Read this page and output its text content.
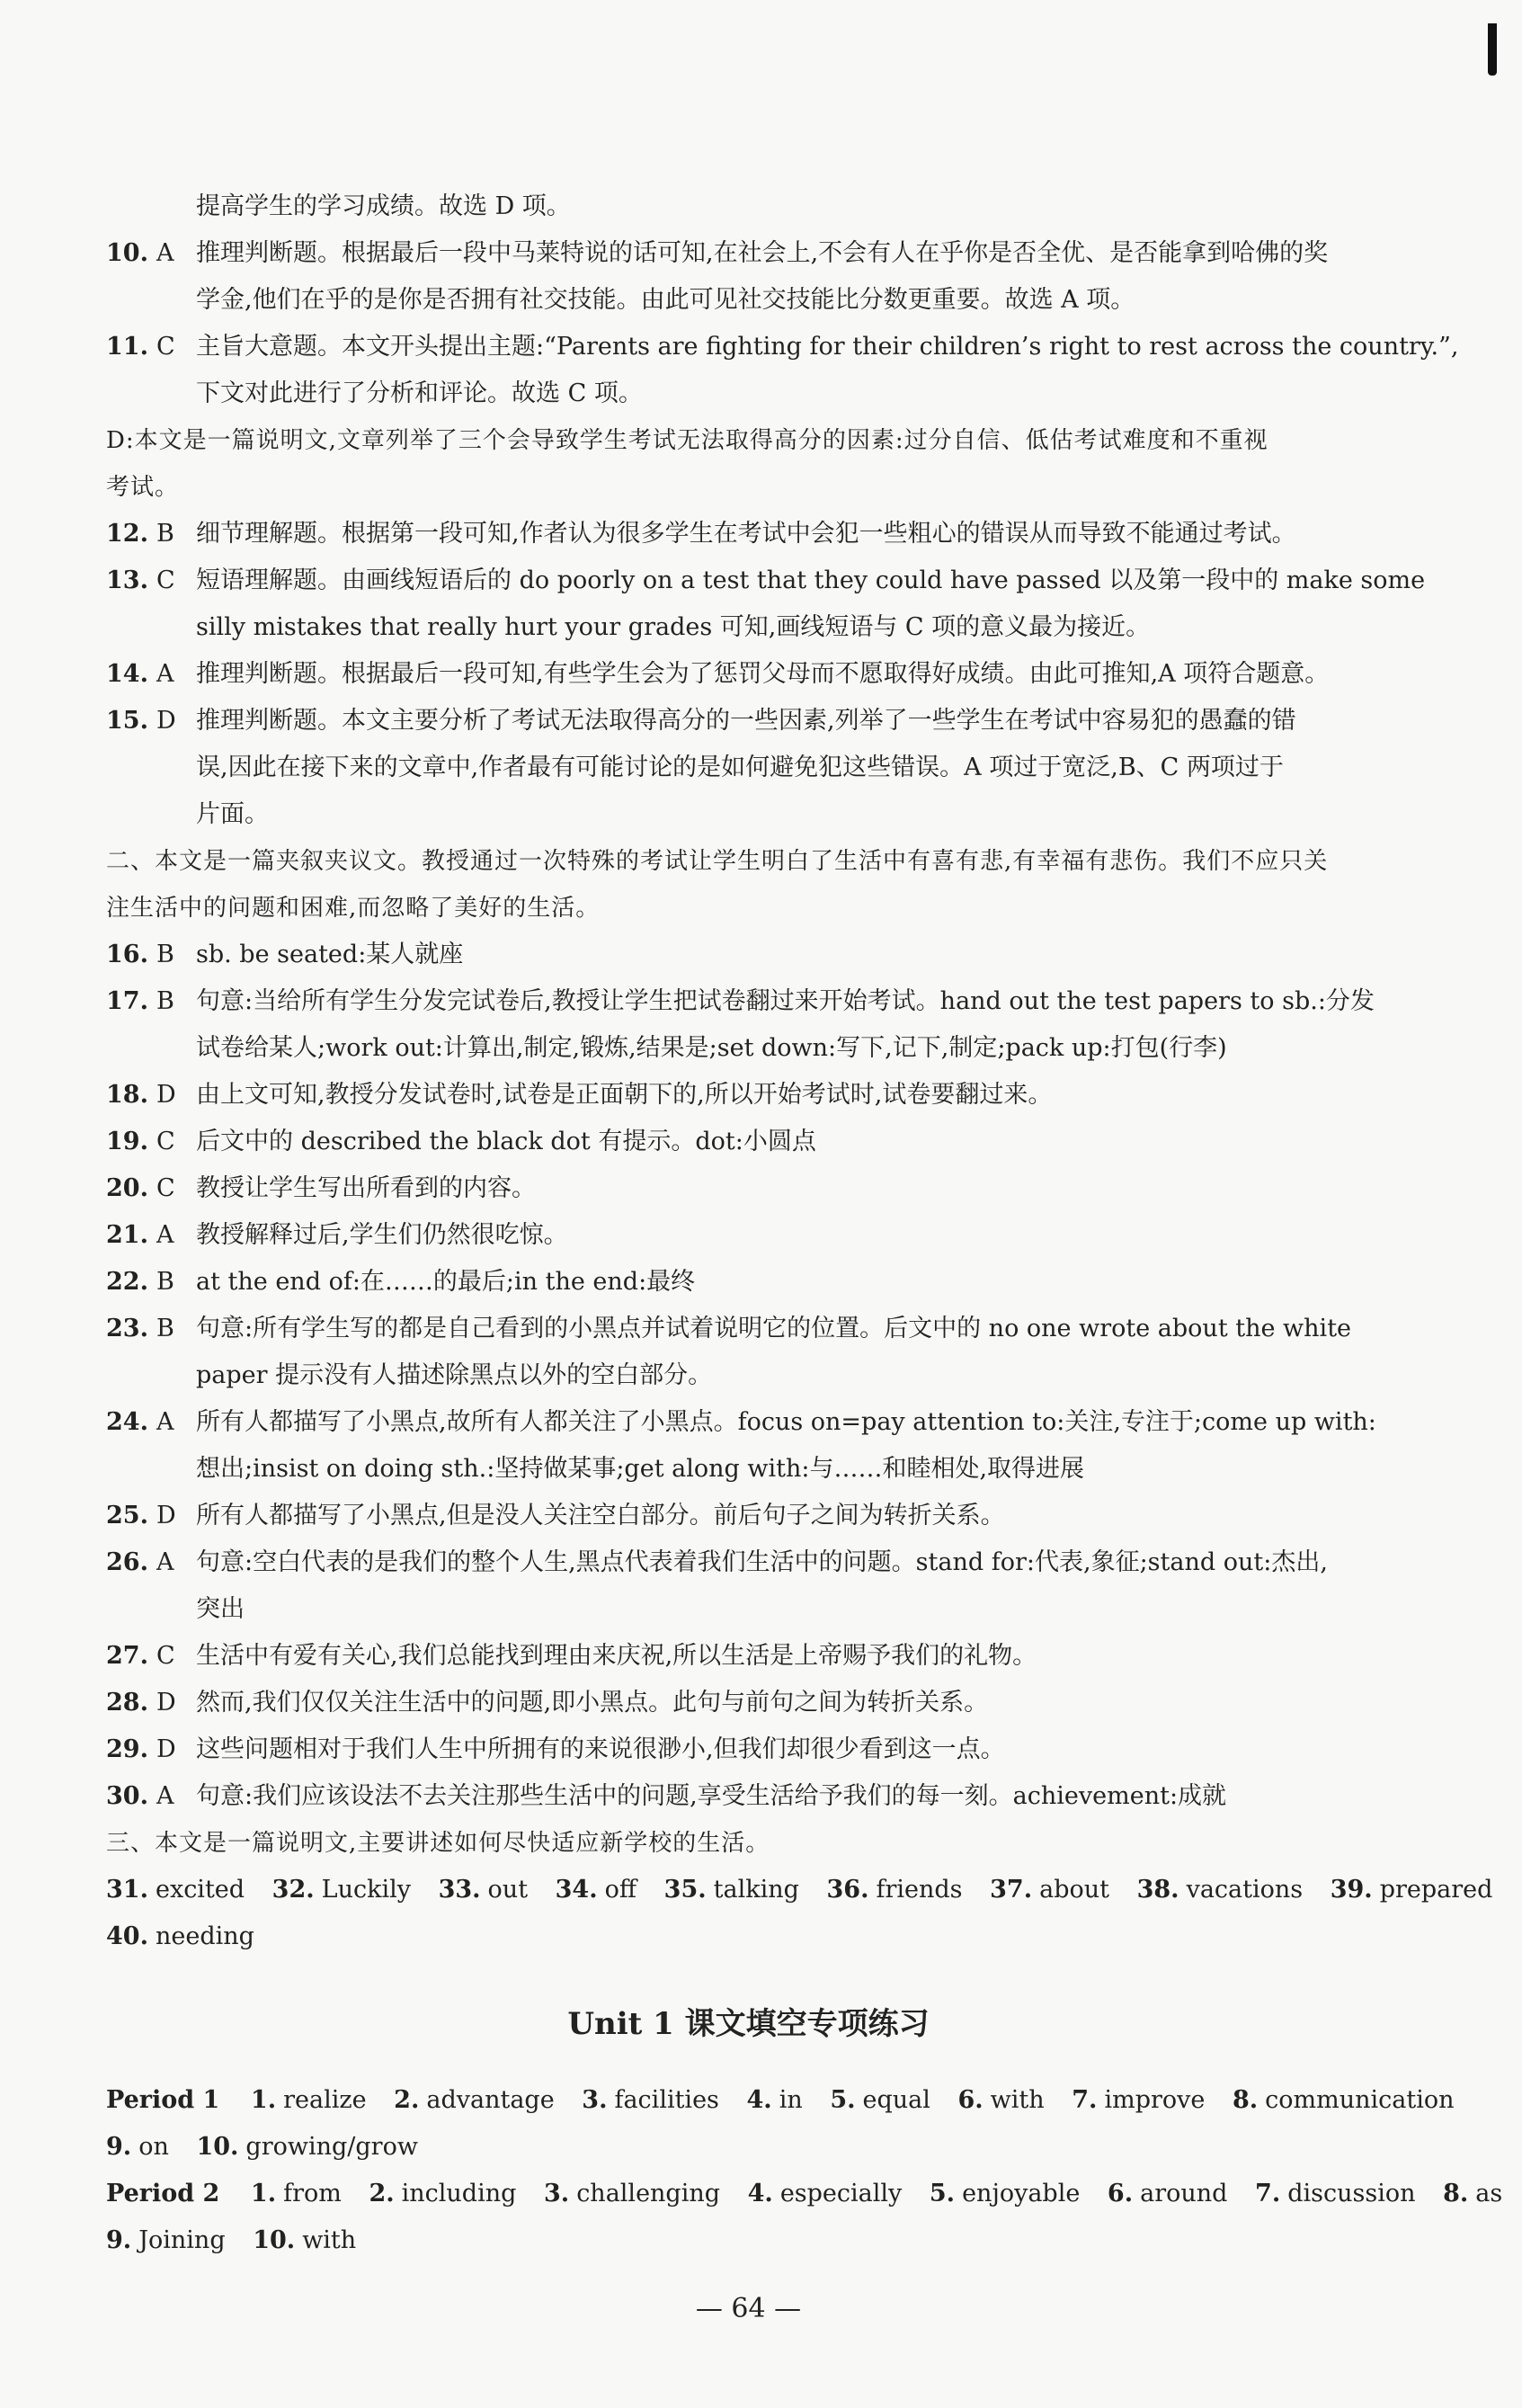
提高学生的学习成绩。故选 D 项。
10. A 推理判断题。根据最后一段中马莱特说的话可知,在社会上,不会有人在乎你是否全优、是否能拿到哈佛的奖
学金,他们在乎的是你是否拥有社交技能。由此可见社交技能比分数更重要。故选 A 项。
11. C 主旨大意题。本文开头提出主题:“Parents are fighting for their children’s right to rest across the country.”,
下文对此进行了分析和评论。故选 C 项。
D:本文是一篇说明文,文章列举了三个会导致学生考试无法取得高分的因素:过分自信、低估考试难度和不重视
考试。
12. B 细节理解题。根据第一段可知,作者认为很多学生在考试中会犯一些粗心的错误从而导致不能通过考试。
13. C 短语理解题。由画线短语后的 do poorly on a test that they could have passed 以及第一段中的 make some
silly mistakes that really hurt your grades 可知,画线短语与 C 项的意义最为接近。
14. A 推理判断题。根据最后一段可知,有些学生会为了惩罚父母而不愿取得好成绩。由此可推知,A 项符合题意。
15. D 推理判断题。本文主要分析了考试无法取得高分的一些因素,列举了一些学生在考试中容易犯的愚蠢的错
误,因此在接下来的文章中,作者最有可能讨论的是如何避免犯这些错误。A 项过于宽泛,B、C 两项过于
片面。
二、本文是一篇夹叙夹议文。教授通过一次特殊的考试让学生明白了生活中有喜有悲,有幸福有悲伤。我们不应只关
注生活中的问题和困难,而忽略了美好的生活。
16. B sb. be seated:某人就座
17. B 句意:当给所有学生分发完试卷后,教授让学生把试卷翻过来开始考试。hand out the test papers to sb.:分发
试卷给某人;work out:计算出,制定,锻炼,结果是;set down:写下,记下,制定;pack up:打包(行李)
18. D 由上文可知,教授分发试卷时,试卷是正面朝下的,所以开始考试时,试卷要翻过来。
19. C 后文中的 described the black dot 有提示。dot:小圆点
20. C 教授让学生写出所看到的内容。
21. A 教授解释过后,学生们仍然很吃惊。
22. B at the end of:在……的最后;in the end:最终
23. B 句意:所有学生写的都是自己看到的小黑点并试着说明它的位置。后文中的 no one wrote about the white
paper 提示没有人描述除黑点以外的空白部分。
24. A 所有人都描写了小黑点,故所有人都关注了小黑点。focus on=pay attention to:关注,专注于;come up with:
想出;insist on doing sth.:坚持做某事;get along with:与……和睦相处,取得进展
25. D 所有人都描写了小黑点,但是没人关注空白部分。前后句子之间为转折关系。
26. A 句意:空白代表的是我们的整个人生,黑点代表着我们生活中的问题。stand for:代表,象征;stand out:杰出,
突出
27. C 生活中有爱有关心,我们总能找到理由来庆祝,所以生活是上帝赐予我们的礼物。
28. D 然而,我们仅仅关注生活中的问题,即小黑点。此句与前句之间为转折关系。
29. D 这些问题相对于我们人生中所拥有的来说很渺小,但我们却很少看到这一点。
30. A 句意:我们应该设法不去关注那些生活中的问题,享受生活给予我们的每一刻。achievement:成就
三、本文是一篇说明文,主要讲述如何尽快适应新学校的生活。
31. excited 32. Luckily 33. out 34. off 35. talking 36. friends 37. about 38. vacations 39. prepared
40. needing
Unit 1 课文填空专项练习
Period 1 1. realize 2. advantage 3. facilities 4. in 5. equal 6. with 7. improve 8. communication
9. on 10. growing/grow
Period 2 1. from 2. including 3. challenging 4. especially 5. enjoyable 6. around 7. discussion 8. as
9. Joining 10. with
— 64 —
